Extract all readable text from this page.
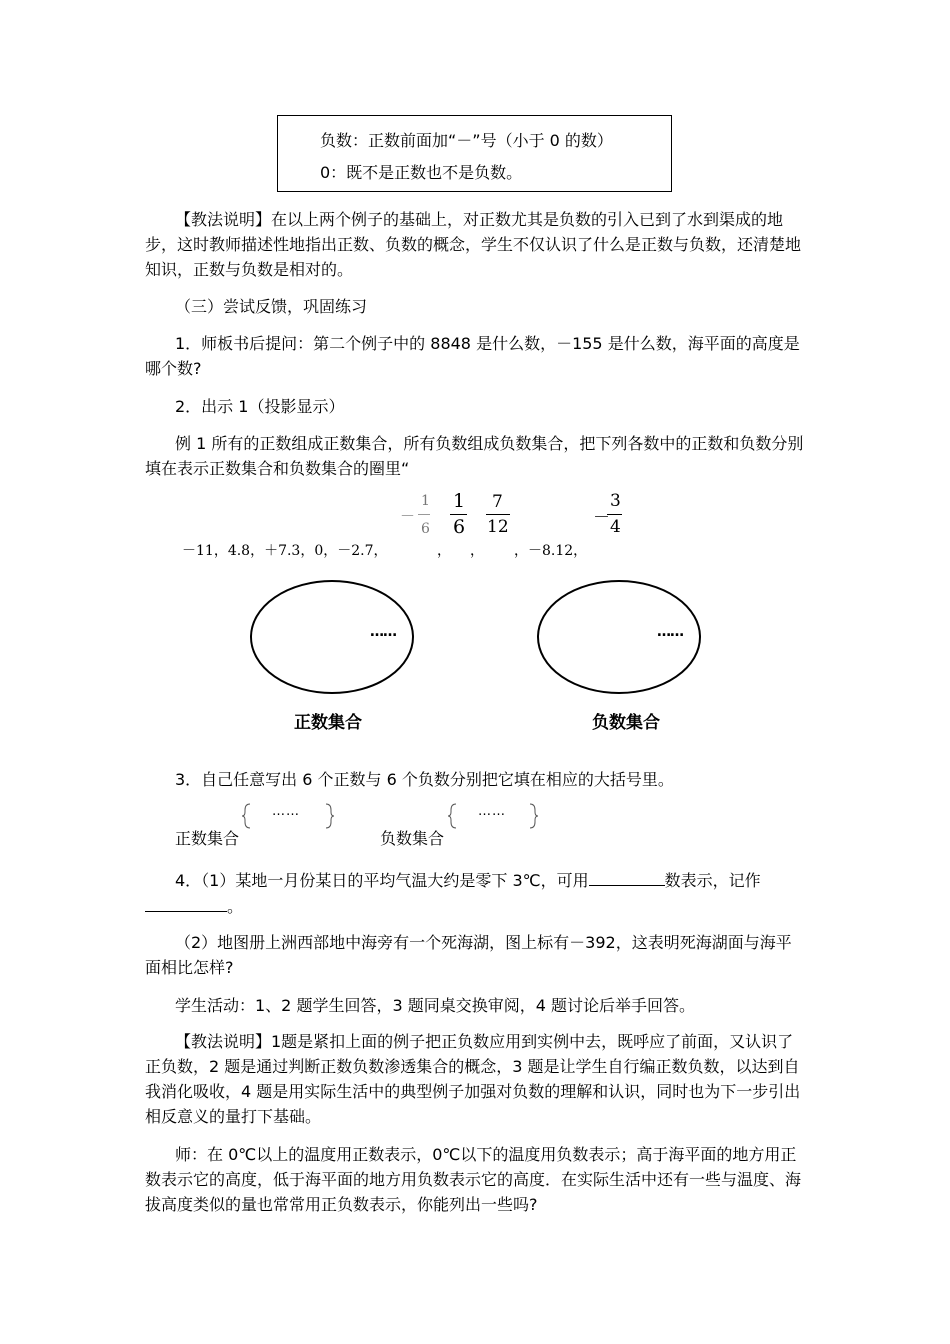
负数：正数前面加“－”号（小于 0 的数）
0：既不是正数也不是负数。
【教法说明】在以上两个例子的基础上，对正数尤其是负数的引入已到了水到渠成的地步，这时教师描述性地指出正数、负数的概念，学生不仅认识了什么是正数与负数，还清楚地知识，正数与负数是相对的。
（三）尝试反馈，巩固练习
1．师板书后提问：第二个例子中的 8848 是什么数，－155 是什么数，海平面的高度是哪个数?
2．出示 1（投影显示）
例 1 所有的正数组成正数集合，所有负数组成负数集合，把下列各数中的正数和负数分别填在表示正数集合和负数集合的圈里“
－11，4.8，＋7.3，0，－2.7，	， ， ，－8.12，
－
1
6
1
6
7
12	－
3
4
……	……
正数集合	负数集合
3．自己任意写出 6 个正数与 6 个负数分别把它填在相应的大括号里。
正数集合	负数集合
……	……
4．（1）某地一月份某日的平均气温大约是零下 3℃，可用	数表示，记作
。
（2）地图册上洲西部地中海旁有一个死海湖，图上标有－392，这表明死海湖面与海平面相比怎样?
学生活动：1、2 题学生回答，3 题同桌交换审阅，4 题讨论后举手回答。
【教法说明】1题是紧扣上面的例子把正负数应用到实例中去，既呼应了前面，又认识了正负数，2 题是通过判断正数负数渗透集合的概念，3 题是让学生自行编正数负数，以达到自我消化吸收，4 题是用实际生活中的典型例子加强对负数的理解和认识，同时也为下一步引出相反意义的量打下基础。
师：在 0℃以上的温度用正数表示，0℃以下的温度用负数表示；高于海平面的地方用正数表示它的高度，低于海平面的地方用负数表示它的高度．在实际生活中还有一些与温度、海拔高度类似的量也常常用正负数表示，你能列出一些吗?
